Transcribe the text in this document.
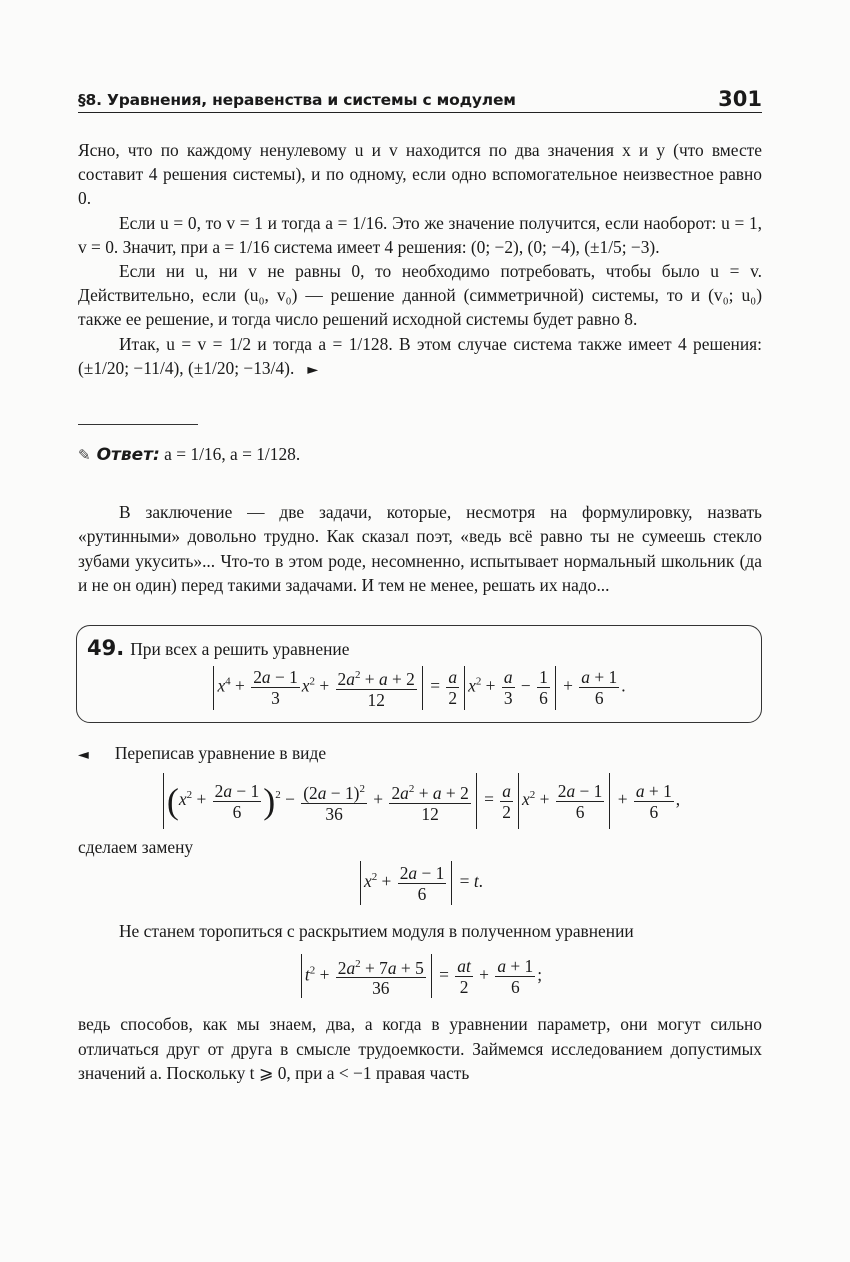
§8. Уравнения, неравенства и системы с модулем	301

Ясно, что по каждому ненулевому u и v находится по два значения x и y (что вместе составит 4 решения системы), и по одному, если одно вспомогательное неизвестное равно 0.

Если u = 0, то v = 1 и тогда a = 1/16. Это же значение получится, если наоборот: u = 1, v = 0. Значит, при a = 1/16 система имеет 4 решения: (0; −2), (0; −4), (±1/5; −3).

Если ни u, ни v не равны 0, то необходимо потребовать, чтобы было u = v. Действительно, если (u₀, v₀) — решение данной (симметричной) системы, то и (v₀; u₀) также ее решение, и тогда число решений исходной системы будет равно 8.

Итак, u = v = 1/2 и тогда a = 1/128. В этом случае система также имеет 4 решения: (±1/20; −11/4), (±1/20; −13/4). ►

✎ Ответ: a = 1/16, a = 1/128.

В заключение — две задачи, которые, несмотря на формулировку, назвать «рутинными» довольно трудно. Как сказал поэт, «ведь всё равно ты не сумеешь стекло зубами укусить»... Что-то в этом роде, несомненно, испытывает нормальный школьник (да и не он один) перед такими задачами. И тем не менее, решать их надо...

49. При всех a решить уравнение
$x^4 + \frac{2a - 1}{3} x^2 + \frac{2a^2 + a + 2}{12} = \frac{a}{2} x^2 + \frac{a}{3} - \frac{1}{6} + \frac{a + 1}{6}$ .

◄ Переписав уравнение в виде

$(x^2 + \frac{2a - 1}{6} )^2 - \frac{(2a - 1)^2}{36} + \frac{2a^2 + a + 2}{12} = \frac{a}{2} x^2 + \frac{2a - 1}{6} + \frac{a + 1}{6}$ ,

сделаем замену

$x^2 + \frac{2a - 1}{6} = t$.

Не станем торопиться с раскрытием модуля в полученном уравнении

$t^2 + \frac{2a^2 + 7a + 5}{36} = \frac{at}{2} + \frac{a + 1}{6}$ ;

ведь способов, как мы знаем, два, а когда в уравнении параметр, они могут сильно отличаться друг от друга в смысле трудоемкости. Займемся исследованием допустимых значений a. Поскольку t ⩾ 0, при a < −1 правая часть
